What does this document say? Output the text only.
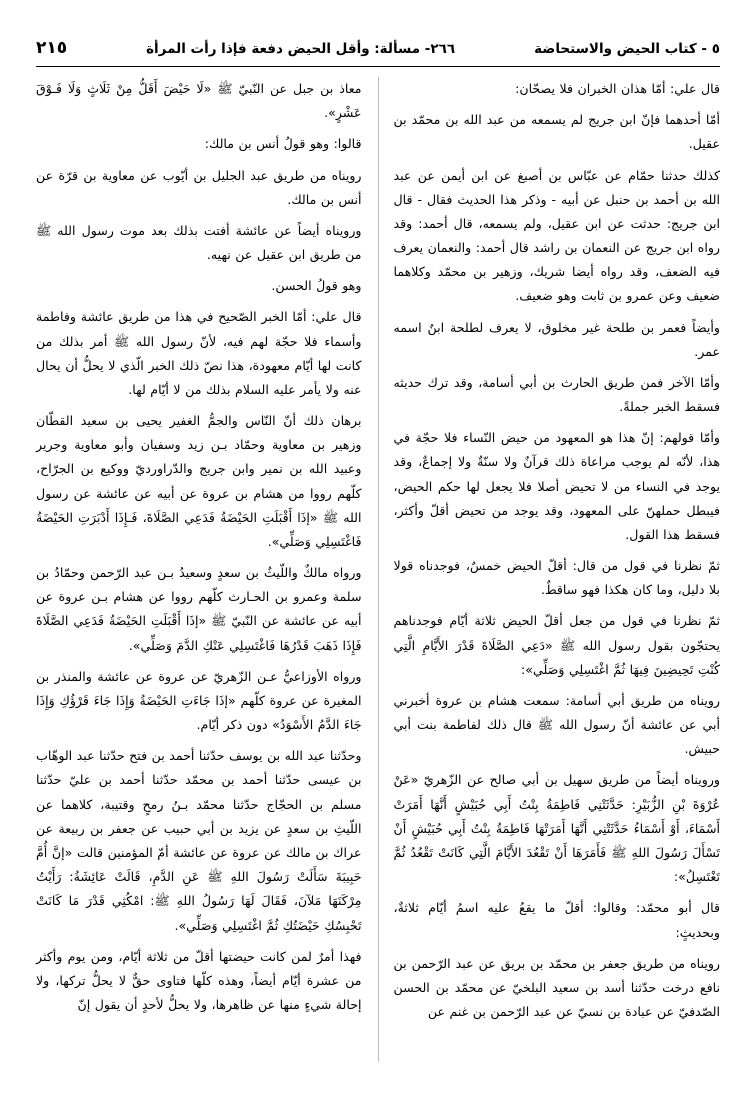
٢١٥	٢٦٦- مسألة: وأقل الحيض دفعة فإذا رأت المرأة	٥ - كتاب الحيض والاستحاضة

قال علي: أمّا هذان الخبران فلا يصحّان:

أمّا أحدهما فإنّ ابن جريج لم يسمعه من عبد الله بن محمّد بن عقيل.

كذلك حدثنا حمّام عن عبّاس بن أصبغ عن ابن أيمن عن عبد الله بن أحمد بن حنبل عن أبيه - وذكر هذا الحديث فقال - قال ابن جريج: حدثت عن ابن عقيل، ولم يسمعه، قال أحمد: وقد رواه ابن جريج عن النعمان بن راشد قال أحمد: والنعمان يعرف فيه الضعف، وقد رواه أيضا شريك، وزهير بن محمّد وكلاهما ضعيف وعن عمرو بن ثابت وهو ضعيف.

وأيضاً فعمر بن طلحة غير مخلوق، لا يعرف لطلحة ابنٌ اسمه عمر.

وأمّا الآخر فمن طريق الحارث بن أبي أسامة، وقد ترك حديثه فسقط الخبر جملةً.

وأمّا قولهم: إنّ هذا هو المعهود من حيض النّساء فلا حجّة في هذا، لأنّه لم يوجب مراعاة ذلك قرآنٌ ولا سنّةٌ ولا إجماعٌ، وقد يوجد في النساء من لا تحيض أصلا فلا يجعل لها حكم الحيض، فيبطل حملهنّ على المعهود، وقد يوجد من تحيض أقلّ وأكثر، فسقط هذا القول.

ثمّ نظرنا في قول من قال: أقلّ الحيض خمسٌ، فوجدناه قولا بلا دليل، وما كان هكذا فهو ساقطٌ.

ثمّ نظرنا في قول من جعل أقلّ الحيض ثلاثة أيّام فوجدناهم يحتجّون بقول رسول الله ﷺ «دَعِي الصَّلَاةَ قَدْرَ الأَيَّامِ الَّتِي كُنْتِ تَحِيضِينَ فِيهَا ثُمَّ اغْتَسِلِي وَصَلِّي»:

رويناه من طريق أبي أسامة: سمعت هشام بن عروة أخبرني أبي عن عائشة أنّ رسول الله ﷺ قال ذلك لفاطمة بنت أبي حبيش.

ورويناه أيضاً من طريق سهيل بن أبي صالح عن الزّهريّ «عَنْ عُرْوَةَ بْنِ الزُّبَيْرِ: حَدَّثَتْنِي فَاطِمَةُ بِنْتُ أَبِي حُبَيْشٍ أَنَّهَا أَمَرَتْ أَسْمَاءَ، أَوْ أَسْمَاءُ حَدَّثَتْنِي أَنَّهَا أَمَرَتْهَا فَاطِمَةُ بِنْتُ أَبِي حُبَيْشٍ أَنْ تَسْأَلَ رَسُولَ اللهِ ﷺ فَأَمَرَهَا أَنْ تَقْعُدَ الأَيَّامَ الَّتِي كَانَتْ تَقْعُدُ ثُمَّ تَغْتَسِلُ»:

قال أبو محمّد: وقالوا: أقلّ ما يقعُ عليه اسمُ أيّام ثلاثةٌ، وبحديثٍ:

رويناه من طريق جعفر بن محمّد بن بريق عن عبد الرّحمن بن نافع درخت حدّثنا أسد بن سعيد البلخيّ عن محمّد بن الحسن الصّدفيّ عن عبادة بن نسيّ عن عبد الرّحمن بن غنم عن

معاذ بن جبل عن النّبيّ ﷺ «لَا حَيْضَ أَقَلُّ مِنْ ثَلَاثٍ وَلَا فَـوْقَ عَشْرٍ».

قالوا: وهو قولُ أنس بن مالك:

رويناه من طريق عبد الجليل بن أيّوب عن معاوية بن قرّة عن أنس بن مالك.

ورويناه أيضاً عن عائشة أفتت بذلك بعد موت رسول الله ﷺ من طريق ابن عقيل عن نهيه.

وهو قولُ الحسن.

قال علي: أمّا الخبر الصّحيح في هذا من طريق عائشة وفاطمة وأسماء فلا حجّة لهم فيه، لأنّ رسول الله ﷺ أمر بذلك من كانت لها أيّام معهودة، هذا نصّ ذلك الخبر الّذي لا يحلُّ أن يحال عنه ولا يأمر عليه السلام بذلك من لا أيّام لها.

برهان ذلك أنّ النّاس والجمُّ الغفير يحيى بن سعيد القطّان وزهير بن معاوية وحمّاد بـن زيد وسفيان وأبو معاوية وجرير وعبيد الله بن نمير وابن جريج والدّراورديّ ووكيع بن الجرّاح، كلّهم رووا من هشام بن عروة عن أبيه عن عائشة عن رسول الله ﷺ «إذَا أَقْبَلَتِ الحَيْضَةُ فَدَعِي الصَّلَاةَ، فَـإِذَا أَدْبَرَتِ الحَيْضَةُ فَاغْتَسِلِي وَصَلِّي».

ورواه مالكٌ واللّيثُ بن سعدٍ وسعيدُ بـن عبد الرّحمن وحمّادُ بن سلمة وعمرو بن الحـارث كلّهم رووا عن هشام بـن عروة عن أبيه عن عائشة عن النّبيّ ﷺ «إذَا أَقْبَلَتِ الحَيْضَةُ فَدَعِي الصَّلَاةَ فَإِذَا ذَهَبَ قَدْرُهَا فَاغْتَسِلِي عَنْكِ الدَّمَ وَصَلِّي».

ورواه الأوزاعيُّ عـن الزّهريّ عن عروة عن عائشة والمنذر بن المغيرة عن عروة كلّهم «إذَا جَاءَتِ الحَيْضَةُ وَإِذَا جَاءَ قَرْؤُكِ وَإِذَا جَاءَ الدَّمُ الأَسْوَدُ» دون ذكر أيّام.

وحدّثنا عبد الله بن يوسف حدّثنا أحمد بن فتح حدّثنا عبد الوهّاب بن عيسى حدّثنا أحمد بن محمّد حدّثنا أحمد بن عليّ حدّثنا مسلم بن الحجّاج حدّثنا محمّد بـنُ رمحٍ وقتيبة، كلاهما عن اللّيثِ بن سعدٍ عن يزيد بن أبي حبيب عن جعفر بن ربيعة عن عراك بن مالك عن عروة عن عائشة أمّ المؤمنين قالت «إنَّ أُمَّ حَبِيبَةَ سَأَلَتْ رَسُولَ اللهِ ﷺ عَنِ الدَّمِ، قَالَتْ عَائِشَةُ: رَأَيْتُ مِرْكَنَهَا مَلآنَ، فَقَالَ لَهَا رَسُولُ اللهِ ﷺ: امْكُثِي قَدْرَ مَا كَانَتْ تَحْبِسُكِ حَيْضَتُكِ ثُمَّ اغْتَسِلِي وَصَلِّي».

فهذا أمرٌ لمن كانت حيضتها أقلّ من ثلاثة أيّام، ومن يوم وأكثر من عشرة أيّام أيضاً، وهذه كلّها فتاوى حقٌّ لا يحلُّ تركها، ولا إحالة شيءٍ منها عن ظاهرها، ولا يحلُّ لأحدٍ أن يقول إنّ
